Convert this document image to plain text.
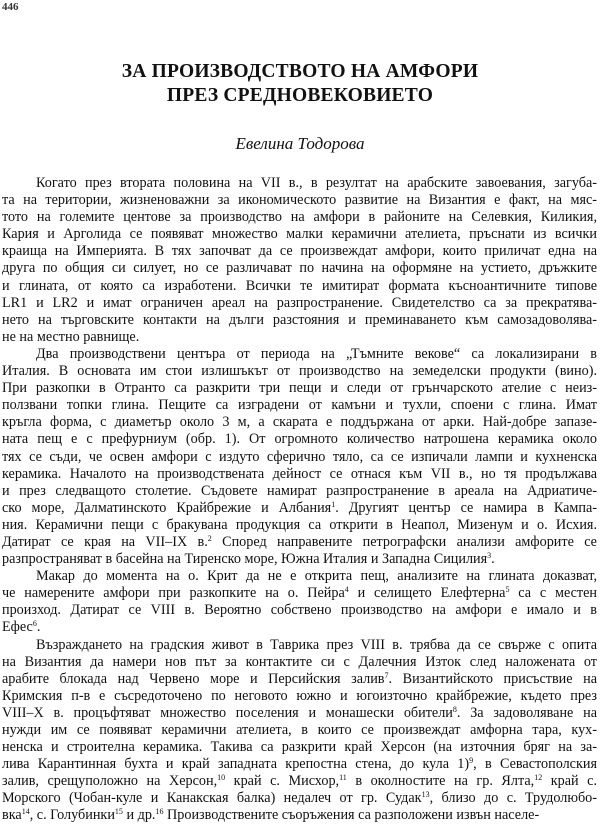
446
ЗА ПРОИЗВОДСТВОТО НА АМФОРИ
ПРЕЗ СРЕДНОВЕКОВИЕТО
Евелина Тодорова
Когато през втората половина на VII в., в резултат на арабските завоевания, загуба-
та на територии, жизненоважни за икономическото развитие на Византия е факт, на мяс-
тото на големите центове за производство на амфори в районите на Селевкия, Киликия,
Кария и Арголида се появяват множество малки керамични ателиета, пръснати из всички
краища на Империята. В тях започват да се произвеждат амфори, които приличат една на
друга по общия си силует, но се различават по начина на оформяне на устието, дръжките
и глината, от която са изработени. Всички те имитират формата късноантичните типове
LR1 и LR2 и имат ограничен ареал на разпространение. Свидетелство са за прекратява-
нето на търговските контакти на дълги разстояния и преминаването към самозадоволява-
не на местно равнище.
Два производствени центъра от периода на „Тъмните векове“ са локализирани в
Италия. В основата им стои излишъкът от производство на земеделски продукти (вино).
При разкопки в Отранто са разкрити три пещи и следи от грънчарското ателие с неиз-
ползвани топки глина. Пещите са изградени от камъни и тухли, споени с глина. Имат
кръгла форма, с диаметър около 3 м, а скарата е поддържана от арки. Най-добре запазе-
ната пещ е с префурниум (обр. 1). От огромното количество натрошена керамика около
тях се съди, че освен амфори с издуто сферично тяло, са се изпичали лампи и кухненска
керамика. Началото на производствената дейност се отнася към VII в., но тя продължава
и през следващото столетие. Съдовете намират разпространение в ареала на Адриатиче-
ско море, Далматинското Крайбрежие и Албания$^1$. Другият център се намира в Кампа-
ния. Керамични пещи с бракувана продукция са открити в Неапол, Мизенум и о. Исхия.
Датират се края на VII–IX в.$^2$ Според направените петрографски анализи амфорите се
разпространяват в басейна на Тиренско море, Южна Италия и Западна Сицилия$^3$.
Макар до момента на о. Крит да не е открита пещ, анализите на глината доказват,
че намерените амфори при разкопките на о. Пейра$^4$ и селището Елефтерна$^5$ са с местен
произход. Датират се VIII в. Вероятно собствено производство на амфори е имало и в
Ефес$^6$.
Възраждането на градския живот в Таврика през VIII в. трябва да се свърже с опита
на Византия да намери нов път за контактите си с Далечния Изток след наложената от
арабите блокада над Червено море и Персийския залив$^7$. Византийското присъствие на
Кримския п-в е съсредоточено по неговото южно и югоизточно крайбрежие, където през
VIII–X в. процъфтяват множество поселения и монашески обители$^8$. За задоволяване на
нужди им се появяват керамични ателиета, в които се произвеждат амфорна тара, кух-
ненска и строителна керамика. Такива са разкрити край Херсон (на източния бряг на за-
лива Карантинная бухта и край западната крепостна стена, до кула 1)$^9$, в Севастополския
залив, срещуположно на Херсон,$^{10}$ край с. Мисхор,$^{11}$ в околностите на гр. Ялта,$^{12}$ край с.
Морского (Чобан-куле и Канакская балка) недалеч от гр. Судак$^{13}$, близо до с. Трудолюбо-
вка$^{14}$, с. Голубинки$^{15}$ и др.$^{16}$ Производствените съоръжения са разположени извън населе-
